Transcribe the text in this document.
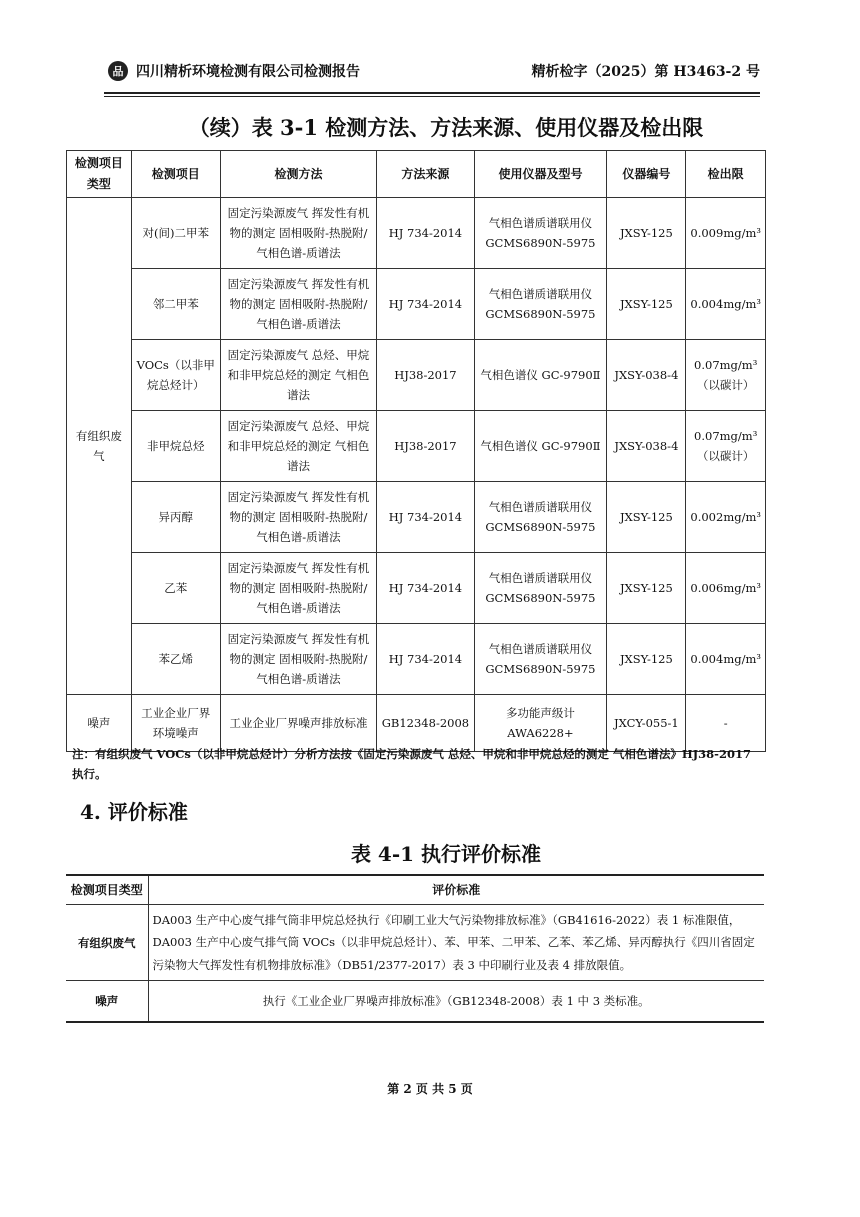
品 四川精析环境检测有限公司检测报告	精析检字（2025）第 H3463-2 号
（续）表 3-1 检测方法、方法来源、使用仪器及检出限
检测项目类型	检测项目	检测方法	方法来源	使用仪器及型号	仪器编号	检出限
有组织废气	对(间)二甲苯	固定污染源废气 挥发性有机物的测定 固相吸附-热脱附/气相色谱-质谱法	HJ 734-2014	气相色谱质谱联用仪 GCMS6890N-5975	JXSY-125	0.009mg/m³
	邻二甲苯	固定污染源废气 挥发性有机物的测定 固相吸附-热脱附/气相色谱-质谱法	HJ 734-2014	气相色谱质谱联用仪 GCMS6890N-5975	JXSY-125	0.004mg/m³
	VOCs（以非甲烷总烃计）	固定污染源废气 总烃、甲烷和非甲烷总烃的测定 气相色谱法	HJ38-2017	气相色谱仪 GC-9790Ⅱ	JXSY-038-4	0.07mg/m³（以碳计）
	非甲烷总烃	固定污染源废气 总烃、甲烷和非甲烷总烃的测定 气相色谱法	HJ38-2017	气相色谱仪 GC-9790Ⅱ	JXSY-038-4	0.07mg/m³（以碳计）
	异丙醇	固定污染源废气 挥发性有机物的测定 固相吸附-热脱附/气相色谱-质谱法	HJ 734-2014	气相色谱质谱联用仪 GCMS6890N-5975	JXSY-125	0.002mg/m³
	乙苯	固定污染源废气 挥发性有机物的测定 固相吸附-热脱附/气相色谱-质谱法	HJ 734-2014	气相色谱质谱联用仪 GCMS6890N-5975	JXSY-125	0.006mg/m³
	苯乙烯	固定污染源废气 挥发性有机物的测定 固相吸附-热脱附/气相色谱-质谱法	HJ 734-2014	气相色谱质谱联用仪 GCMS6890N-5975	JXSY-125	0.004mg/m³
噪声	工业企业厂界环境噪声	工业企业厂界噪声排放标准	GB12348-2008	多功能声级计 AWA6228+	JXCY-055-1	-
注：有组织废气 VOCs（以非甲烷总烃计）分析方法按《固定污染源废气 总烃、甲烷和非甲烷总烃的测定 气相色谱法》HJ38-2017 执行。
4. 评价标准
表 4-1 执行评价标准
检测项目类型	评价标准
有组织废气	DA003 生产中心废气排气筒非甲烷总烃执行《印刷工业大气污染物排放标准》（GB41616-2022）表 1 标准限值，DA003 生产中心废气排气筒 VOCs（以非甲烷总烃计）、苯、甲苯、二甲苯、乙苯、苯乙烯、异丙醇执行《四川省固定污染物大气挥发性有机物排放标准》（DB51/2377-2017）表 3 中印刷行业及表 4 排放限值。
噪声	执行《工业企业厂界噪声排放标准》（GB12348-2008）表 1 中 3 类标准。
第 2 页 共 5 页
